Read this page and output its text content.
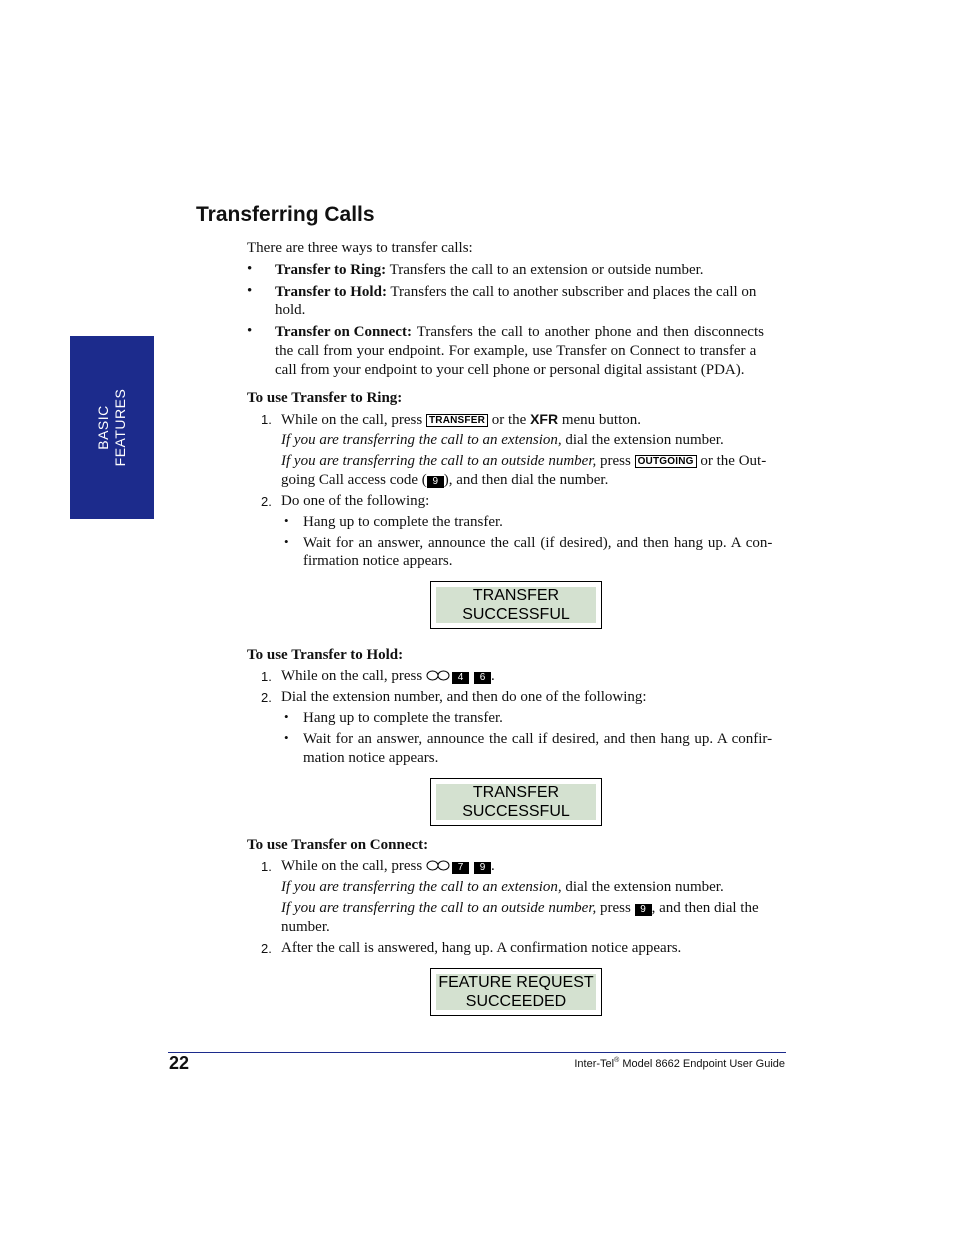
BASIC FEATURES
Transferring Calls
There are three ways to transfer calls:
• Transfer to Ring: Transfers the call to an extension or outside number.
• Transfer to Hold: Transfers the call to another subscriber and places the call on
hold.
• Transfer on Connect: Transfers the call to another phone and then disconnects
the call from your endpoint. For example, use Transfer on Connect to transfer a
call from your endpoint to your cell phone or personal digital assistant (PDA).
To use Transfer to Ring:
1. While on the call, press TRANSFER or the XFR menu button.
If you are transferring the call to an extension, dial the extension number.
If you are transferring the call to an outside number, press OUTGOING or the Out-
going Call access code ( 9 ), and then dial the number.
2. Do one of the following:
• Hang up to complete the transfer.
• Wait for an answer, announce the call (if desired), and then hang up. A con-
firmation notice appears.
TRANSFER
SUCCESSFUL
To use Transfer to Hold:
1. While on the call, press	4 6 .
2. Dial the extension number, and then do one of the following:
• Hang up to complete the transfer.
• Wait for an answer, announce the call if desired, and then hang up. A confir-
mation notice appears.
TRANSFER
SUCCESSFUL
To use Transfer on Connect:
1. While on the call, press	7 9 .
If you are transferring the call to an extension, dial the extension number.
If you are transferring the call to an outside number, press 9 , and then dial the
number.
2. After the call is answered, hang up. A confirmation notice appears.
FEATURE REQUEST
SUCCEEDED
22	Inter-Tel® Model 8662 Endpoint User Guide
